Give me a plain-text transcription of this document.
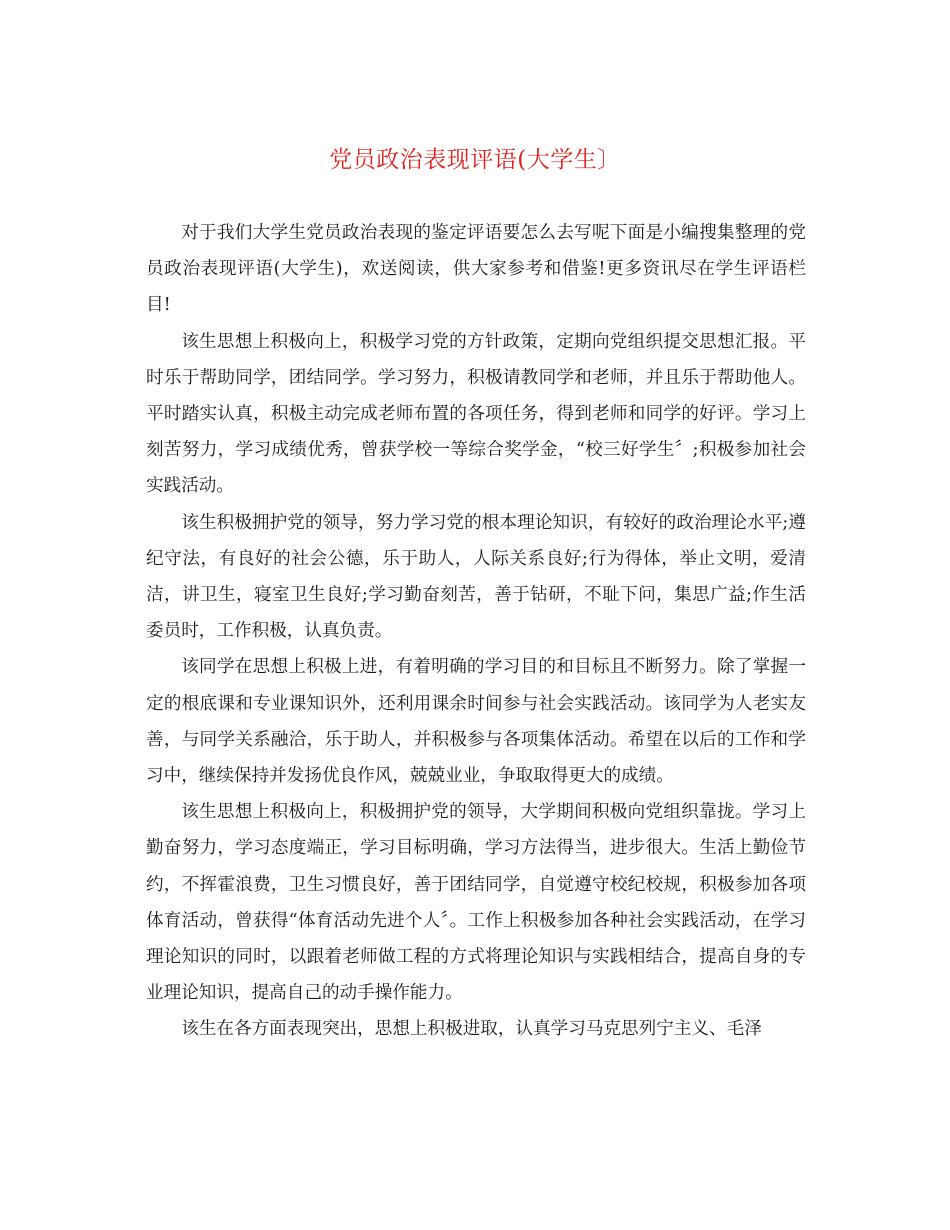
党员政治表现评语(大学生〕

对于我们大学生党员政治表现的鉴定评语要怎么去写呢下面是小编搜集整理的党员政治表现评语(大学生)，欢送阅读，供大家参考和借鉴!更多资讯尽在学生评语栏目!

该生思想上积极向上，积极学习党的方针政策，定期向党组织提交思想汇报。平时乐于帮助同学，团结同学。学习努力，积极请教同学和老师，并且乐于帮助他人。平时踏实认真，积极主动完成老师布置的各项任务，得到老师和同学的好评。学习上刻苦努力，学习成绩优秀，曾获学校一等综合奖学金，“校三好学生〞;积极参加社会实践活动。

该生积极拥护党的领导，努力学习党的根本理论知识，有较好的政治理论水平;遵纪守法，有良好的社会公德，乐于助人，人际关系良好;行为得体，举止文明，爱清洁，讲卫生，寝室卫生良好;学习勤奋刻苦，善于钻研，不耻下问，集思广益;作生活委员时，工作积极，认真负责。

该同学在思想上积极上进，有着明确的学习目的和目标且不断努力。除了掌握一定的根底课和专业课知识外，还利用课余时间参与社会实践活动。该同学为人老实友善，与同学关系融洽，乐于助人，并积极参与各项集体活动。希望在以后的工作和学习中，继续保持并发扬优良作风，兢兢业业，争取取得更大的成绩。

该生思想上积极向上，积极拥护党的领导，大学期间积极向党组织靠拢。学习上勤奋努力，学习态度端正，学习目标明确，学习方法得当，进步很大。生活上勤俭节约，不挥霍浪费，卫生习惯良好，善于团结同学，自觉遵守校纪校规，积极参加各项体育活动，曾获得“体育活动先进个人〞。工作上积极参加各种社会实践活动，在学习理论知识的同时，以跟着老师做工程的方式将理论知识与实践相结合，提高自身的专业理论知识，提高自己的动手操作能力。

该生在各方面表现突出，思想上积极进取，认真学习马克思列宁主义、毛泽
